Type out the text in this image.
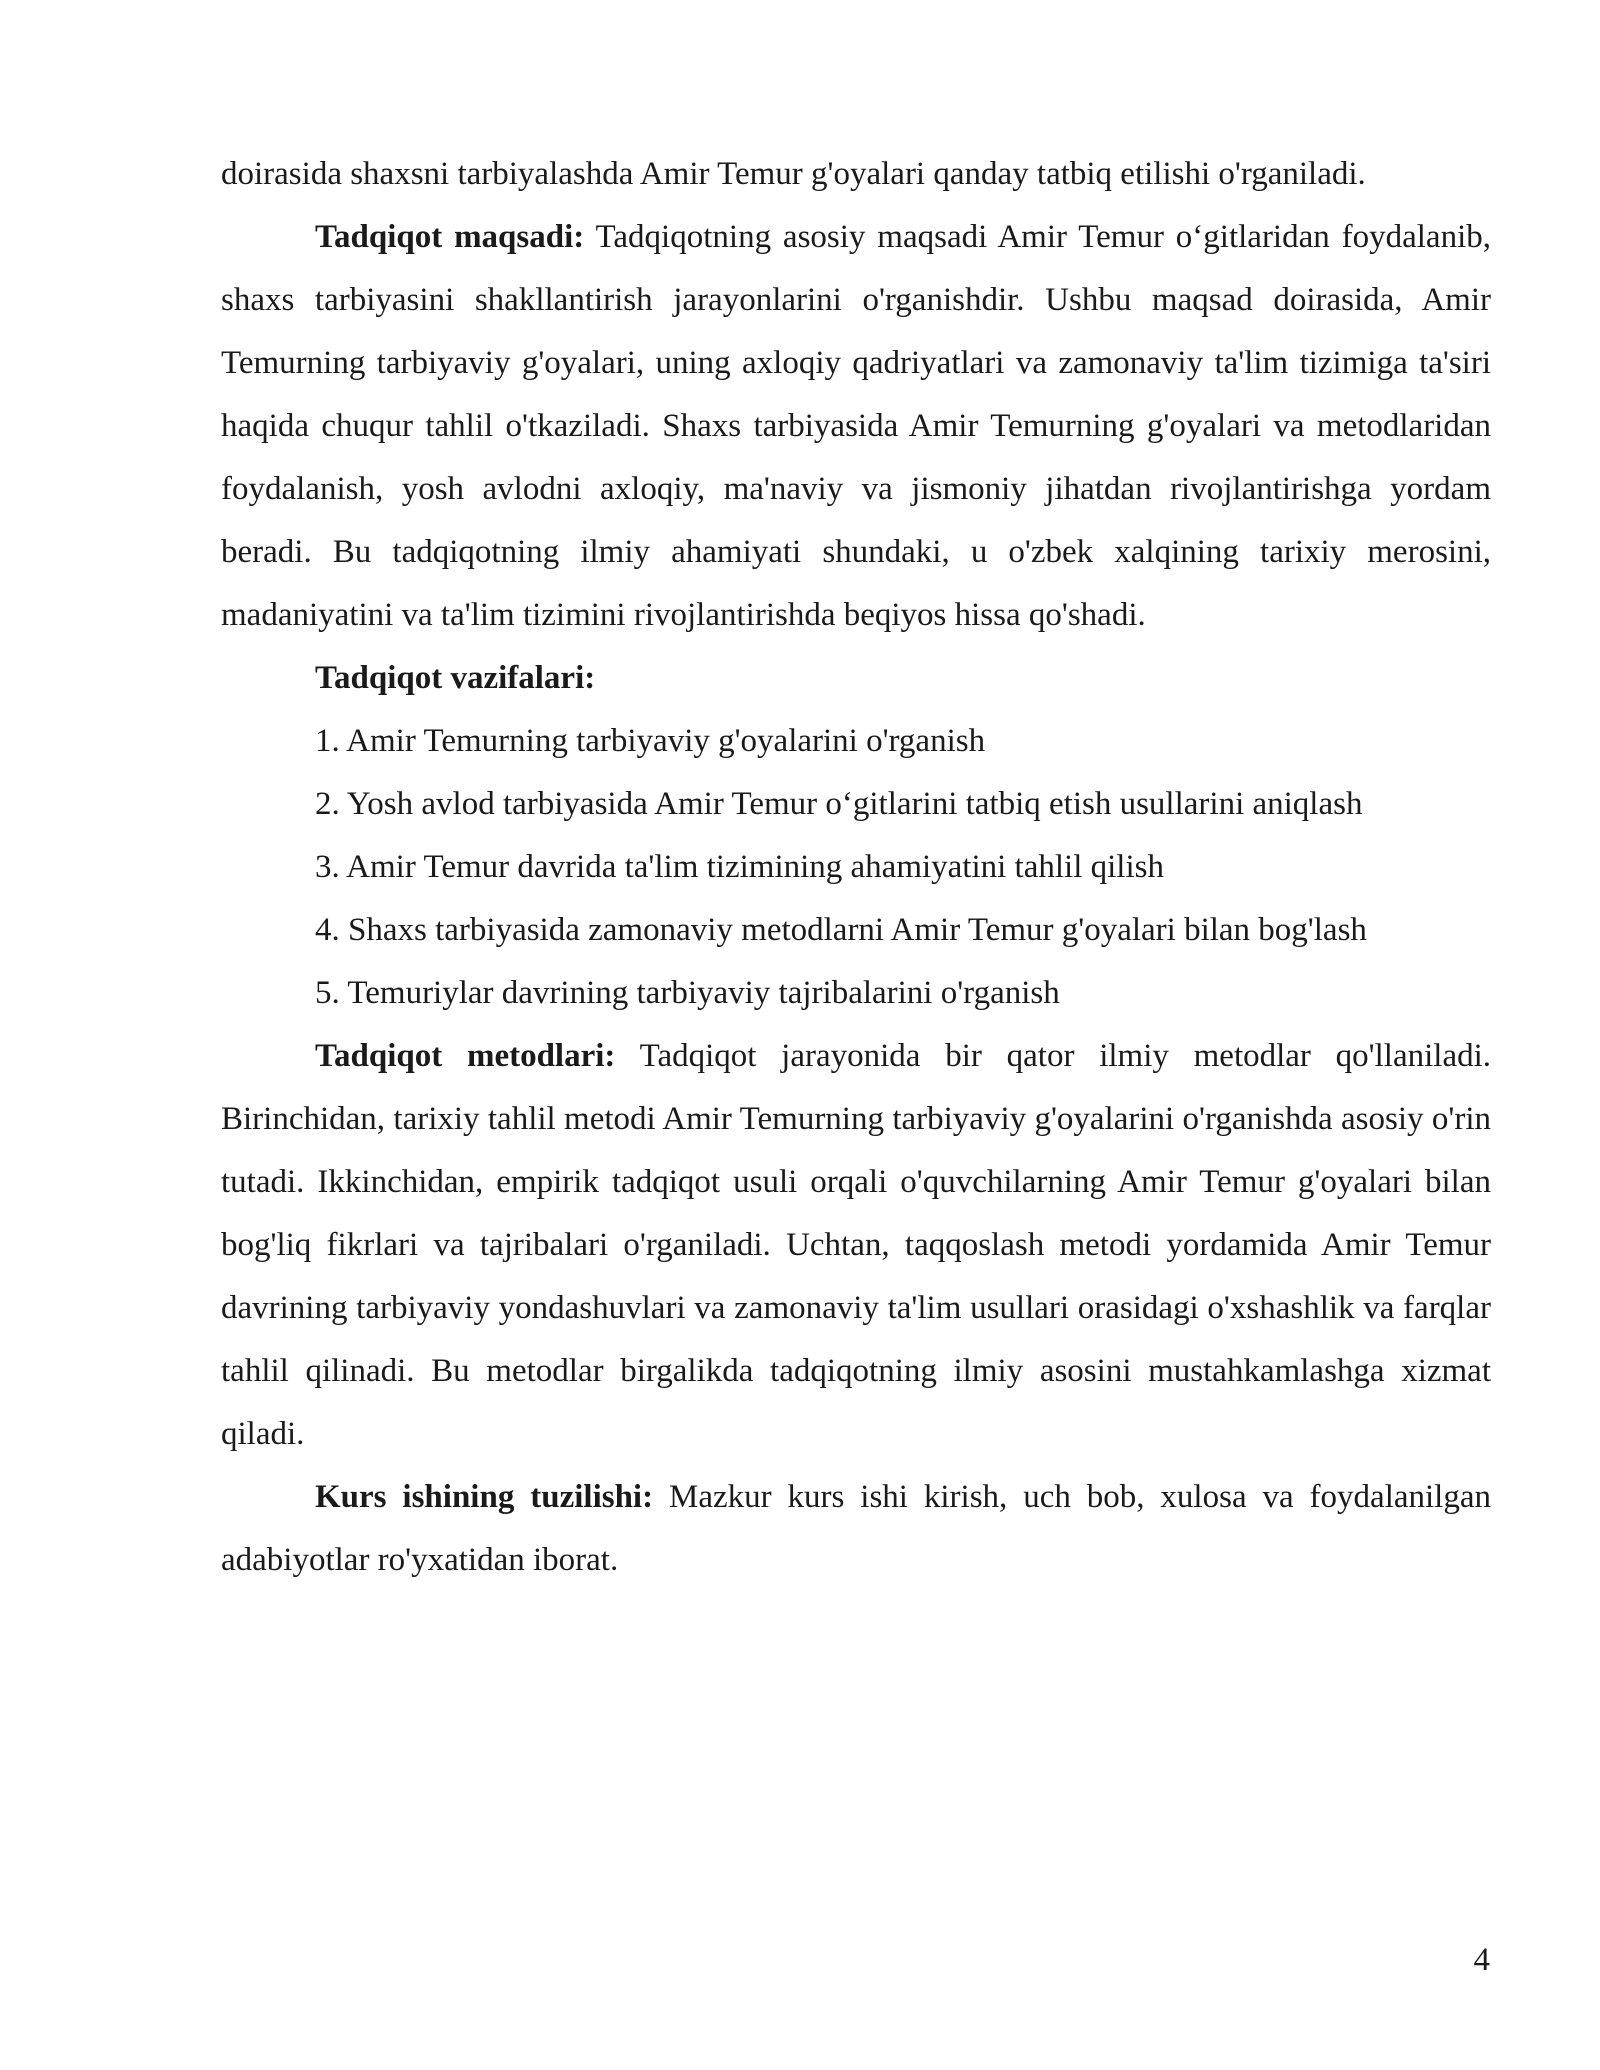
doirasida shaxsni tarbiyalashda Amir Temur g'oyalari qanday tatbiq etilishi o'rganiladi.

Tadqiqot maqsadi: Tadqiqotning asosiy maqsadi Amir Temur o‘gitlaridan foydalanib, shaxs tarbiyasini shakllantirish jarayonlarini o'rganishdir. Ushbu maqsad doirasida, Amir Temurning tarbiyaviy g'oyalari, uning axloqiy qadriyatlari va zamonaviy ta'lim tizimiga ta'siri haqida chuqur tahlil o'tkaziladi. Shaxs tarbiyasida Amir Temurning g'oyalari va metodlaridan foydalanish, yosh avlodni axloqiy, ma'naviy va jismoniy jihatdan rivojlantirishga yordam beradi. Bu tadqiqotning ilmiy ahamiyati shundaki, u o'zbek xalqining tarixiy merosini, madaniyatini va ta'lim tizimini rivojlantirishda beqiyos hissa qo'shadi.

Tadqiqot vazifalari:

1. Amir Temurning tarbiyaviy g'oyalarini o'rganish

2. Yosh avlod tarbiyasida Amir Temur o‘gitlarini tatbiq etish usullarini aniqlash

3. Amir Temur davrida ta'lim tizimining ahamiyatini tahlil qilish

4. Shaxs tarbiyasida zamonaviy metodlarni Amir Temur g'oyalari bilan bog'lash

5. Temuriylar davrining tarbiyaviy tajribalarini o'rganish

Tadqiqot metodlari: Tadqiqot jarayonida bir qator ilmiy metodlar qo'llaniladi. Birinchidan, tarixiy tahlil metodi Amir Temurning tarbiyaviy g'oyalarini o'rganishda asosiy o'rin tutadi. Ikkinchidan, empirik tadqiqot usuli orqali o'quvchilarning Amir Temur g'oyalari bilan bog'liq fikrlari va tajribalari o'rganiladi. Uchtan, taqqoslash metodi yordamida Amir Temur davrining tarbiyaviy yondashuvlari va zamonaviy ta'lim usullari orasidagi o'xshashlik va farqlar tahlil qilinadi. Bu metodlar birgalikda tadqiqotning ilmiy asosini mustahkamlashga xizmat qiladi.

Kurs ishining tuzilishi: Mazkur kurs ishi kirish, uch bob, xulosa va foydalanilgan adabiyotlar ro'yxatidan iborat.

4
